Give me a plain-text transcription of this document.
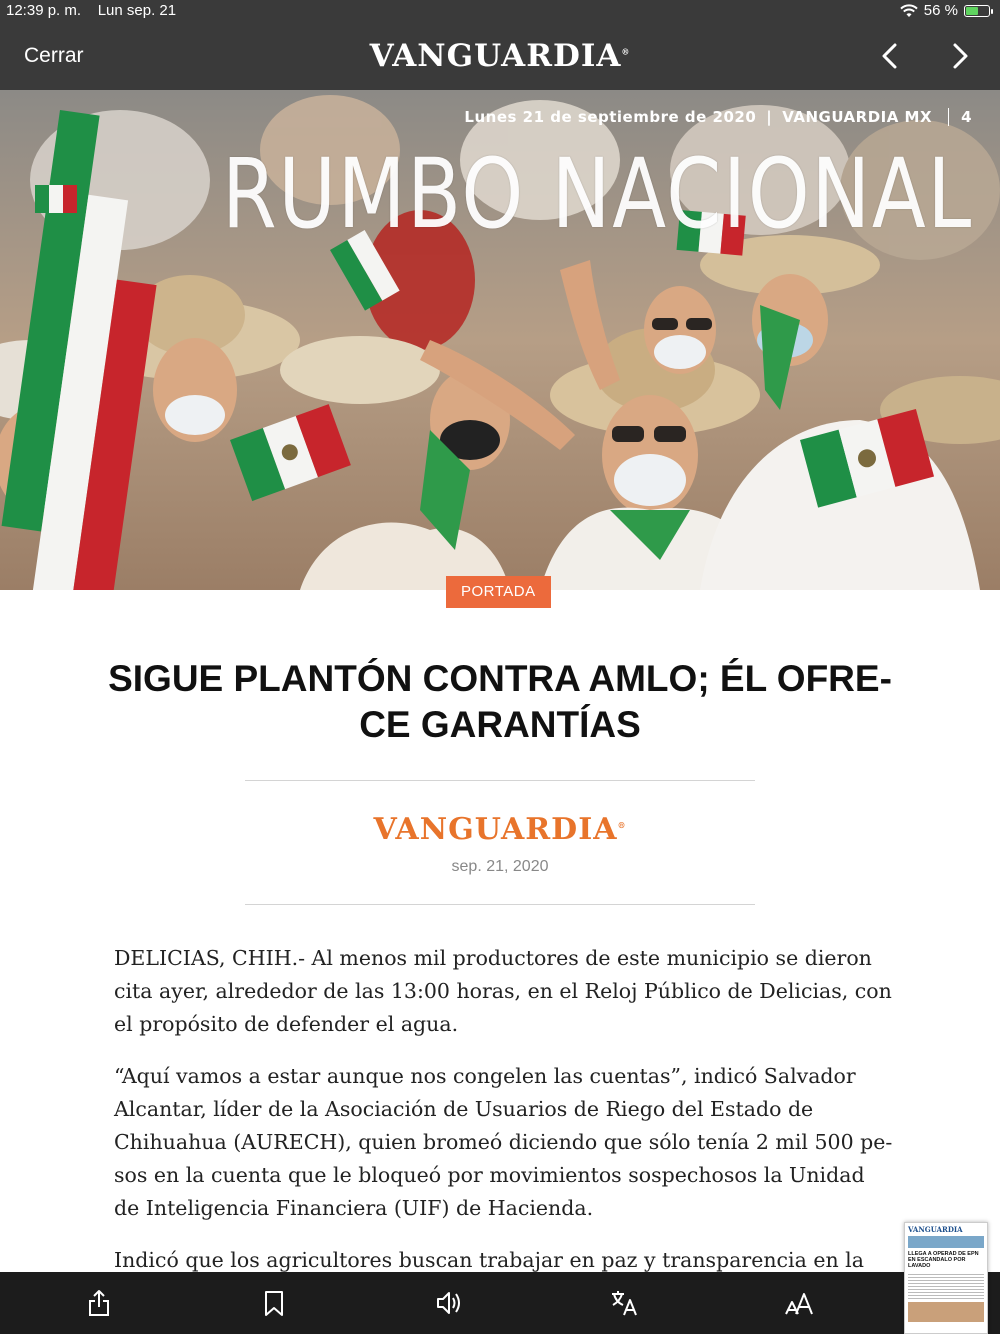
12:39 p. m. Lun sep. 21	56 %
Cerrar	VANGUARDIA®
Lunes 21 de septiembre de 2020 | VANGUARDIA MX	4
RUMBO NACIONAL
PORTADA
SIGUE PLANTÓN CONTRA AMLO; ÉL OFRE-
CE GARANTÍAS
VANGUARDIA®
sep. 21, 2020

DELICIAS, CHIH.- Al menos mil productores de este municipio se dieron cita ayer, alrededor de las 13:00 horas, en el Reloj Público de Delicias, con el propósito de defender el agua.

“Aquí vamos a estar aunque nos congelen las cuentas”, indicó Salvador Alcantar, líder de la Asociación de Usuarios de Riego del Estado de Chihuahua (AURECH), quien bromeó diciendo que sólo tenía 2 mil 500 pe-sos en la cuenta que le bloqueó por movimientos sospechosos la Unidad de Inteligencia Financiera (UIF) de Hacienda.

Indicó que los agricultores buscan trabajar en paz y transparencia en la

VANGUARDIA
LLEGA A OPERAD DE EPN EN ESCANDALO POR LAVADO
